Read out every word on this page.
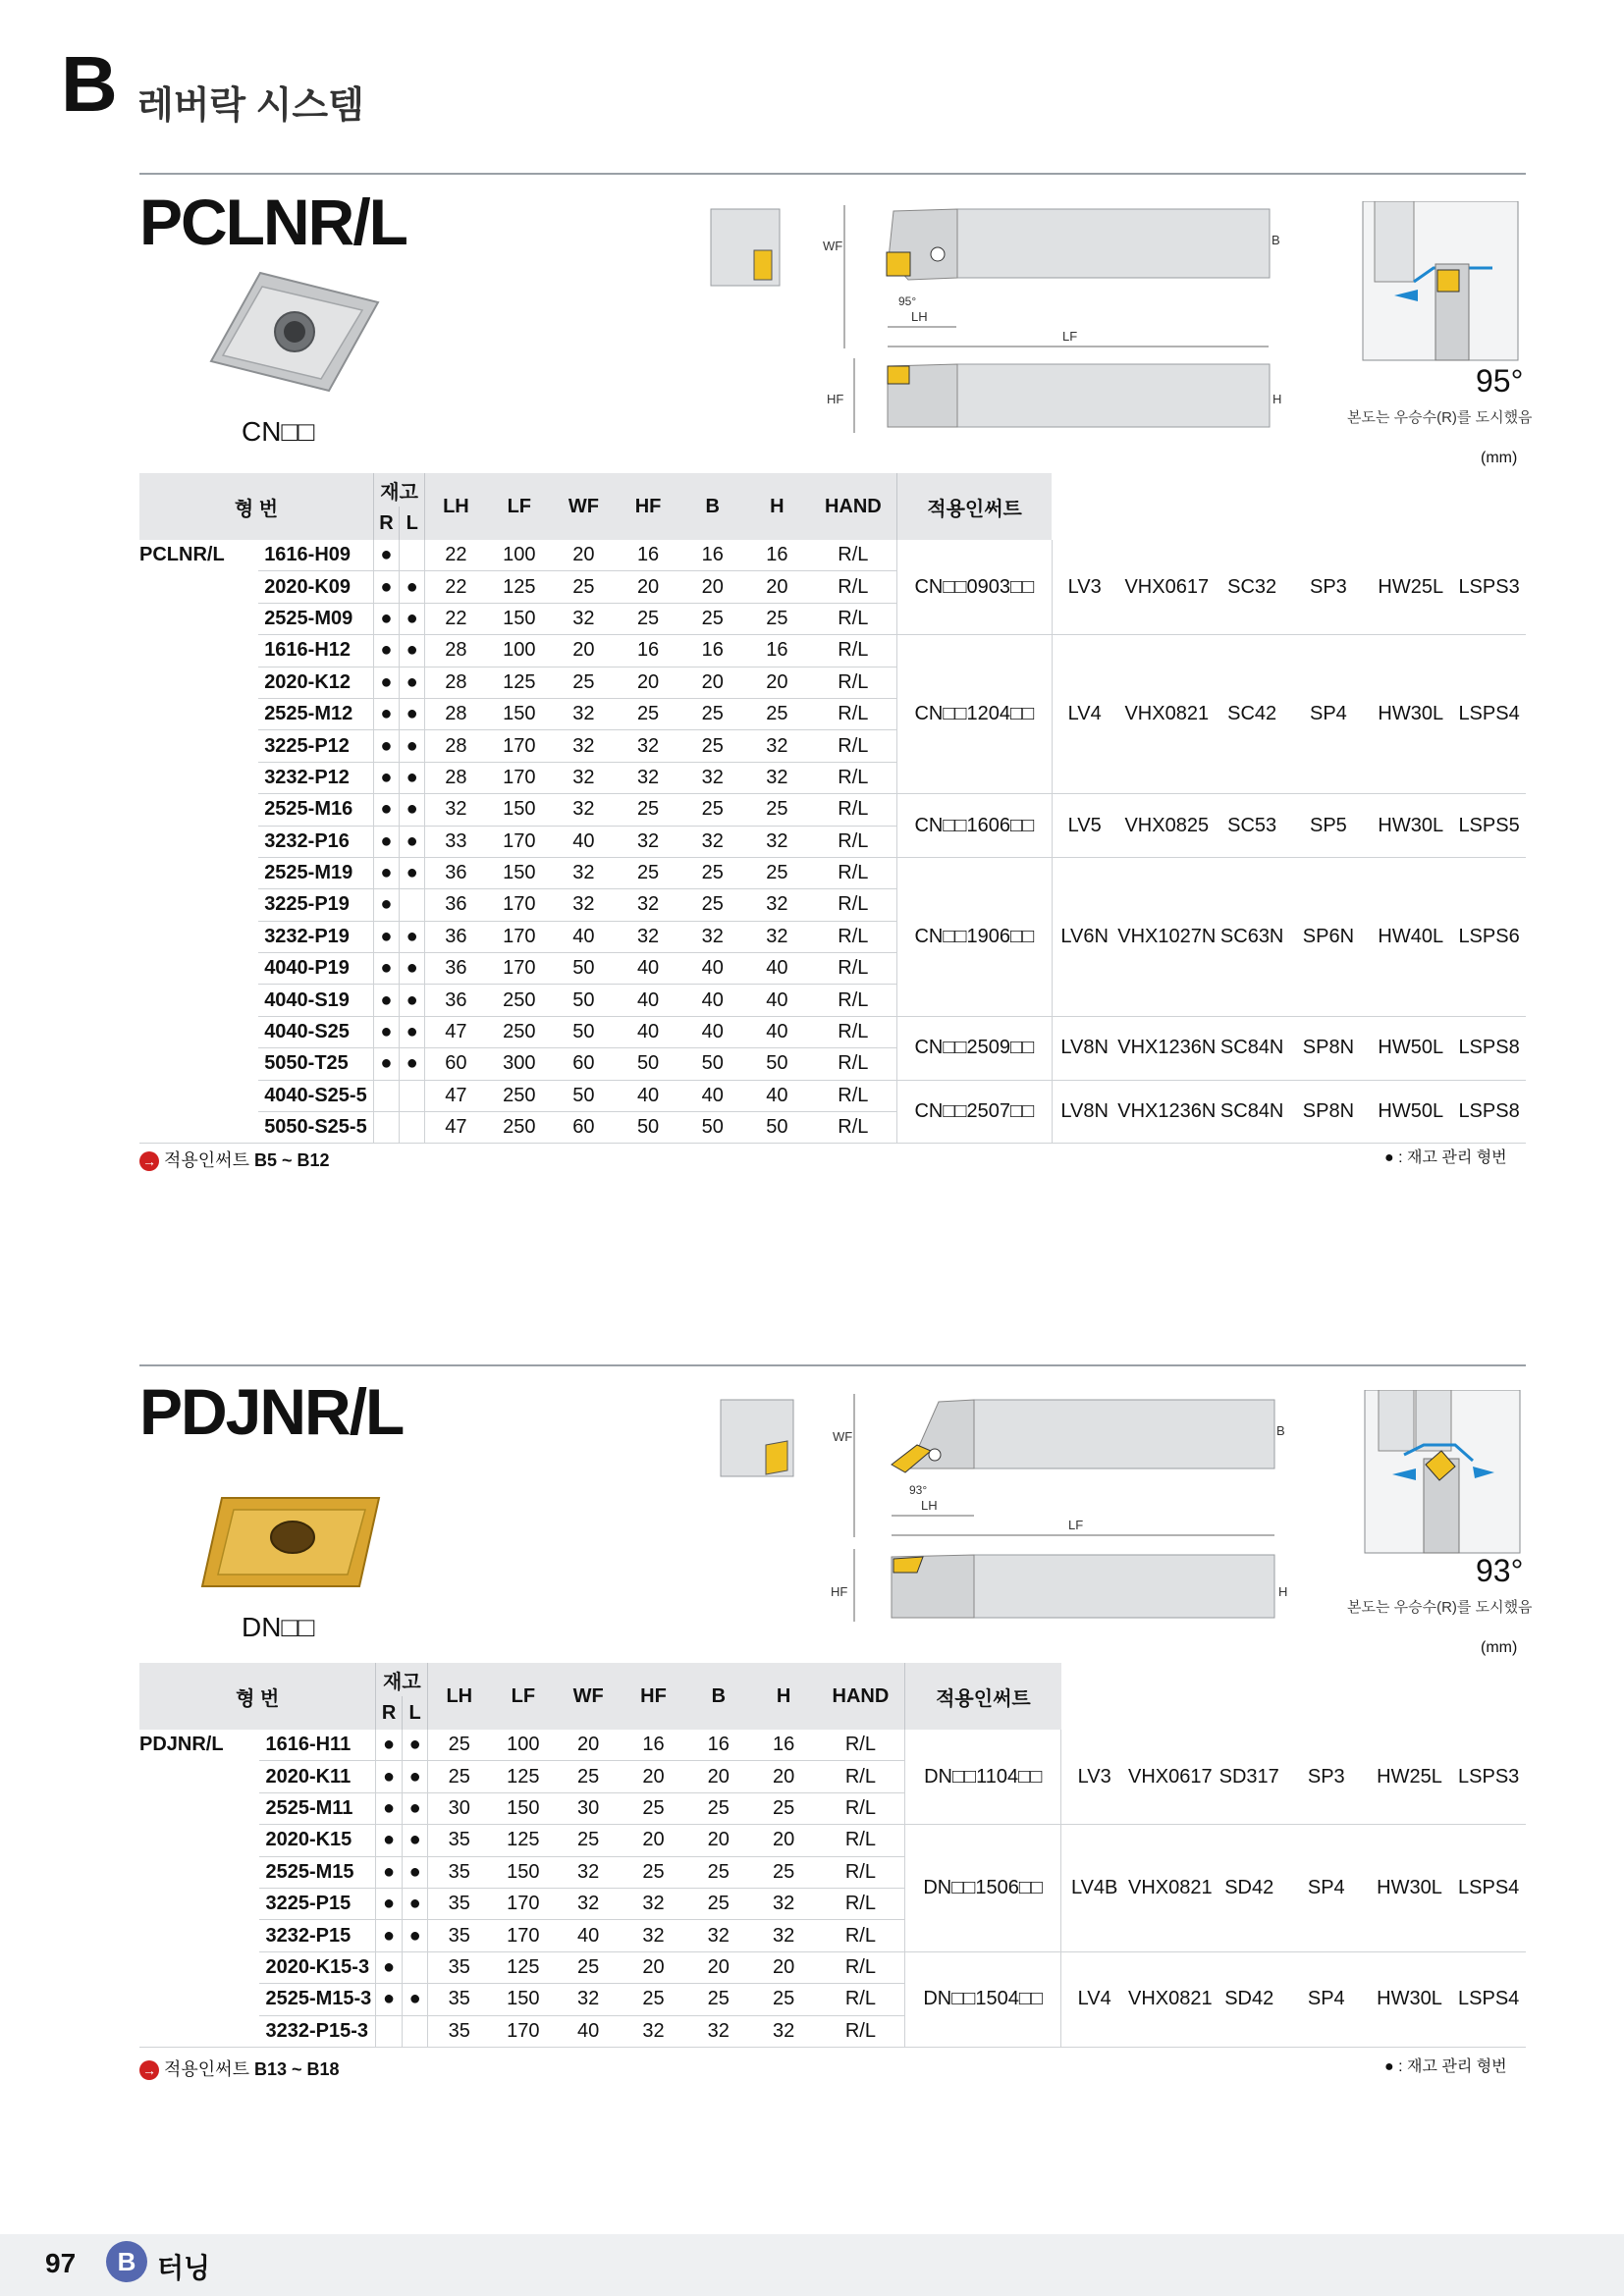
B 레버락 시스템
PCLNR/L
CN□□
WF	B
95°
LH
LF
HF	H
95°
본도는 우승수(R)를 도시했음
(mm)
형 번		재고		LH	LF	WF	HF	B	H	HAND	적용인써트						
		R	L														
PCLNR/L	1616-H09	●		22	100	20	16	16	16	R/L	CN□□0903□□	LV3	VHX0617	SC32	SP3	HW25L	LSPS3
	2020-K09	●	●	22	125	25	20	20	20	R/L							
	2525-M09	●	●	22	150	32	25	25	25	R/L							
	1616-H12	●	●	28	100	20	16	16	16	R/L	CN□□1204□□	LV4	VHX0821	SC42	SP4	HW30L	LSPS4
	2020-K12	●	●	28	125	25	20	20	20	R/L							
	2525-M12	●	●	28	150	32	25	25	25	R/L							
	3225-P12	●	●	28	170	32	32	25	32	R/L							
	3232-P12	●	●	28	170	32	32	32	32	R/L							
	2525-M16	●	●	32	150	32	25	25	25	R/L	CN□□1606□□	LV5	VHX0825	SC53	SP5	HW30L	LSPS5
	3232-P16	●	●	33	170	40	32	32	32	R/L							
	2525-M19	●	●	36	150	32	25	25	25	R/L	CN□□1906□□	LV6N	VHX1027N	SC63N	SP6N	HW40L	LSPS6
	3225-P19	●		36	170	32	32	25	32	R/L							
	3232-P19	●	●	36	170	40	32	32	32	R/L							
	4040-P19	●	●	36	170	50	40	40	40	R/L							
	4040-S19	●	●	36	250	50	40	40	40	R/L							
	4040-S25	●	●	47	250	50	40	40	40	R/L	CN□□2509□□	LV8N	VHX1236N	SC84N	SP8N	HW50L	LSPS8
	5050-T25	●	●	60	300	60	50	50	50	R/L							
	4040-S25-5			47	250	50	40	40	40	R/L	CN□□2507□□	LV8N	VHX1236N	SC84N	SP8N	HW50L	LSPS8
	5050-S25-5			47	250	60	50	50	50	R/L							
→ 적용인써트 B5 ~ B12	● : 재고 관리 형번
PDJNR/L
DN□□
WF	B
93°
LH
LF
HF	H
93°
본도는 우승수(R)를 도시했음
(mm)
형 번		재고		LH	LF	WF	HF	B	H	HAND	적용인써트						
		R	L														
PDJNR/L	1616-H11	●	●	25	100	20	16	16	16	R/L	DN□□1104□□	LV3	VHX0617	SD317	SP3	HW25L	LSPS3
	2020-K11	●	●	25	125	25	20	20	20	R/L							
	2525-M11	●	●	30	150	30	25	25	25	R/L							
	2020-K15	●	●	35	125	25	20	20	20	R/L	DN□□1506□□	LV4B	VHX0821	SD42	SP4	HW30L	LSPS4
	2525-M15	●	●	35	150	32	25	25	25	R/L							
	3225-P15	●	●	35	170	32	32	25	32	R/L							
	3232-P15	●	●	35	170	40	32	32	32	R/L							
	2020-K15-3	●		35	125	25	20	20	20	R/L	DN□□1504□□	LV4	VHX0821	SD42	SP4	HW30L	LSPS4
	2525-M15-3	●	●	35	150	32	25	25	25	R/L							
	3232-P15-3			35	170	40	32	32	32	R/L							
→ 적용인써트 B13 ~ B18	● : 재고 관리 형번
97	B 터닝
